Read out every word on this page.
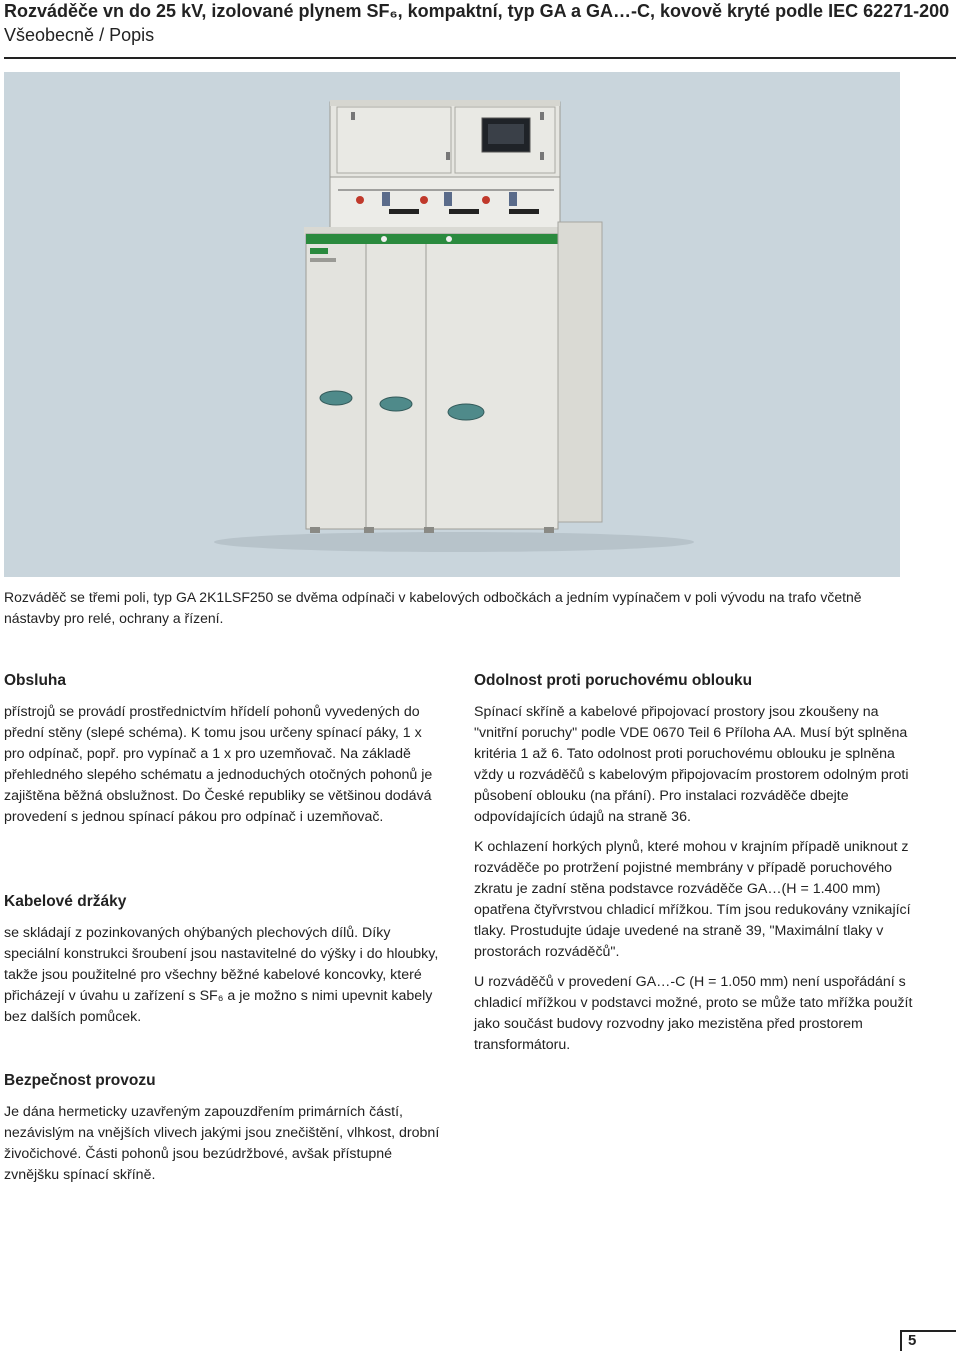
Rozváděče vn do 25 kV, izolované plynem SF₆, kompaktní, typ GA a GA…-C, kovově kryté podle IEC 62271-200
Všeobecně / Popis
Rozváděč se třemi poli, typ GA 2K1LSF250 se dvěma odpínači v kabelových odbočkách a jedním vypínačem v poli vývodu na trafo včetně nástavby pro relé, ochrany a řízení.
Obsluha

přístrojů se provádí prostřednictvím hřídelí pohonů vyvedených do přední stěny (slepé schéma). K tomu jsou určeny spínací páky, 1 x pro odpínač, popř. pro vypínač a 1 x pro uzemňovač. Na základě přehledného slepého schématu a jednoduchých otočných pohonů je zajištěna běžná obslužnost. Do České republiky se většinou dodává provedení s jednou spínací pákou pro odpínač i uzemňovač.

Kabelové držáky

se skládají z pozinkovaných ohýbaných plechových dílů. Díky speciální konstrukci šroubení jsou nastavitelné do výšky i do hloubky, takže jsou použitelné pro všechny běžné kabelové koncovky, které přicházejí v úvahu u zařízení s SF₆ a je možno s nimi upevnit kabely bez dalších pomůcek.

Bezpečnost provozu

Je dána hermeticky uzavřeným zapouzdřením primárních částí, nezávislým na vnějších vlivech jakými jsou znečištění, vlhkost, drobní živočichové. Části pohonů jsou bezúdržbové, avšak přístupné zvnějšku spínací skříně.

Odolnost proti poruchovému oblouku

Spínací skříně a kabelové připojovací prostory jsou zkoušeny na "vnitřní poruchy" podle VDE 0670 Teil 6 Příloha AA. Musí být splněna kritéria 1 až 6. Tato odolnost proti poruchovému oblouku je splněna vždy u rozváděčů s kabelovým připojovacím prostorem odolným proti působení oblouku (na přání). Pro instalaci rozváděče dbejte odpovídajících údajů na straně 36.

K ochlazení horkých plynů, které mohou v krajním případě uniknout z rozváděče po protržení pojistné membrány v případě poruchového zkratu je zadní stěna podstavce rozváděče GA…(H = 1.400 mm) opatřena čtyřvrstvou chladicí mřížkou. Tím jsou redukovány vznikající tlaky. Prostudujte údaje uvedené na straně 39, "Maximální tlaky v prostorách rozváděčů".

U rozváděčů v provedení GA…-C (H = 1.050 mm) není uspořádání s chladicí mřížkou v podstavci možné, proto se může tato mřížka použít jako součást budovy rozvodny jako mezistěna před prostorem transformátoru.

5
